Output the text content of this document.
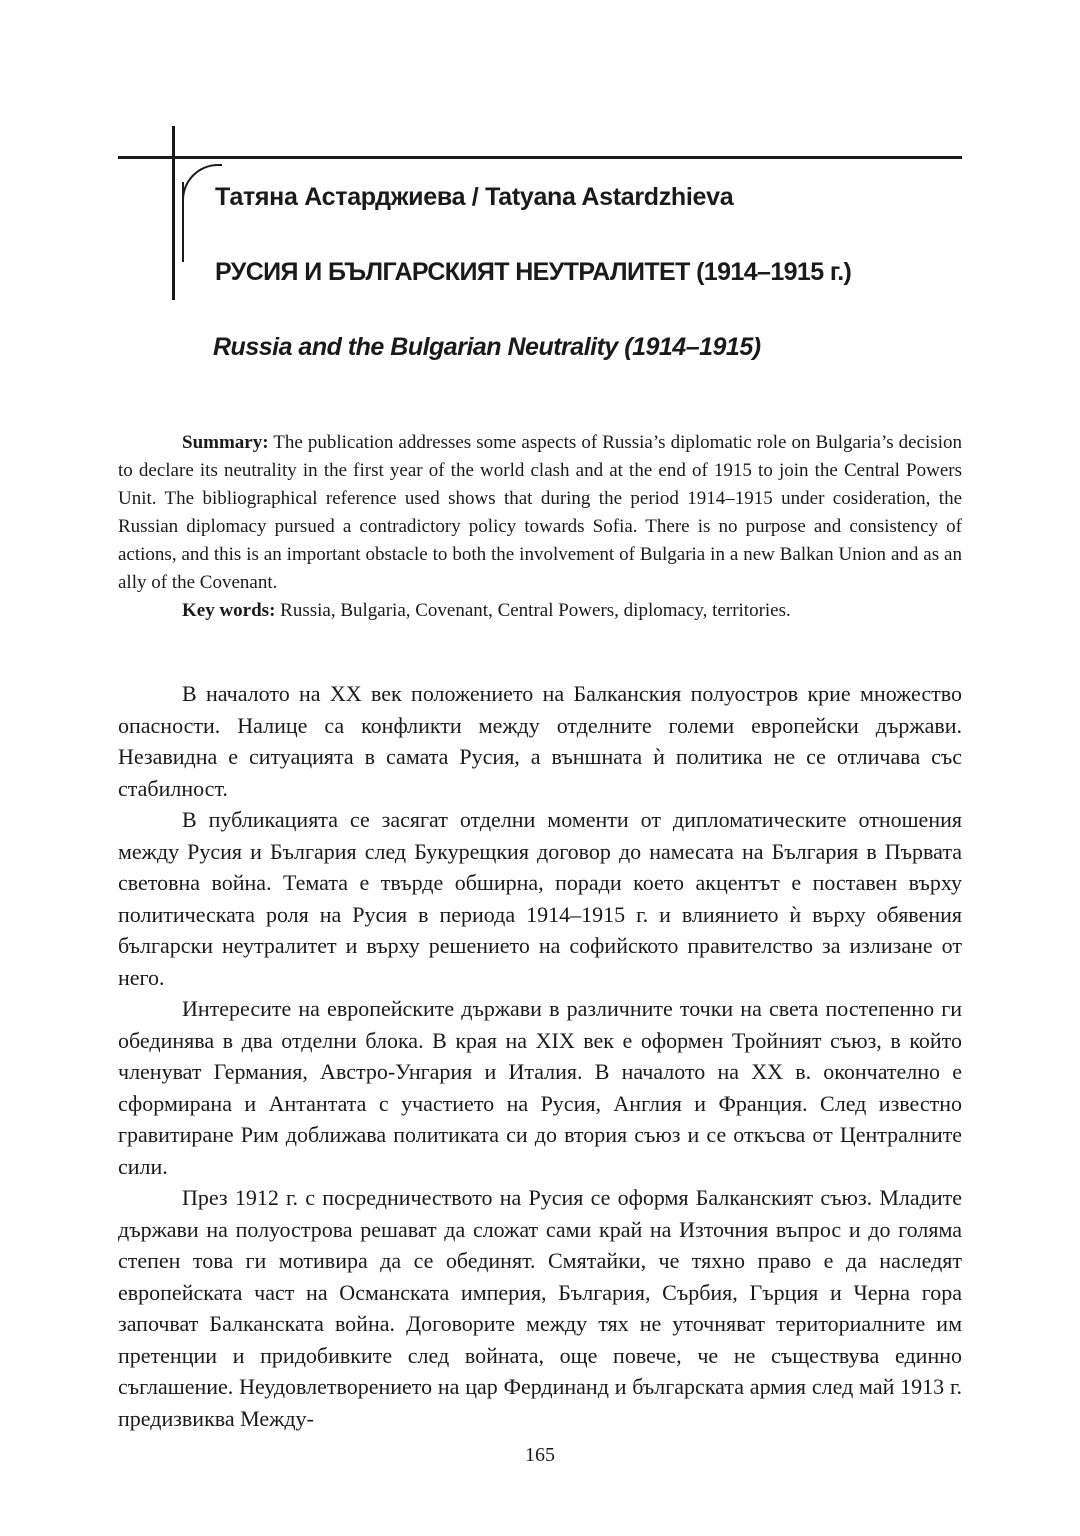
Татяна Астарджиева / Tatyana Astardzhieva
РУСИЯ И БЪЛГАРСКИЯТ НЕУТРАЛИТЕТ (1914–1915 г.)
Russia and the Bulgarian Neutrality (1914–1915)

Summary: The publication addresses some aspects of Russia’s diplomatic role on Bulgaria’s decision to declare its neutrality in the first year of the world clash and at the end of 1915 to join the Central Powers Unit. The bibliographical reference used shows that during the period 1914–1915 under cosideration, the Russian diplomacy pursued a contradictory policy towards Sofia. There is no purpose and consistency of actions, and this is an important obstacle to both the involvement of Bulgaria in a new Balkan Union and as an ally of the Covenant.

Key words: Russia, Bulgaria, Covenant, Central Powers, diplomacy, territories.

В началото на ХХ век положението на Балканския полуостров крие множество опасности. Налице са конфликти между отделните големи европейски държави. Незавидна е ситуацията в самата Русия, а външната ѝ политика не се отличава със стабилност.

В публикацията се засягат отделни моменти от дипломатическите отношения между Русия и България след Букурещкия договор до намесата на България в Първата световна война. Темата е твърде обширна, поради което акцентът е поставен върху политическата роля на Русия в периода 1914–1915 г. и влиянието ѝ върху обявения български неутралитет и върху решението на софийското правителство за излизане от него.

Интересите на европейските държави в различните точки на света постепенно ги обединява в два отделни блока. В края на ХІХ век е оформен Тройният съюз, в който членуват Германия, Австро-Унгария и Италия. В началото на ХХ в. окончателно е сформирана и Антантата с участието на Русия, Англия и Франция. След известно гравитиране Рим доближава политиката си до втория съюз и се откъсва от Централните сили.

През 1912 г. с посредничеството на Русия се оформя Балканският съюз. Младите държави на полуострова решават да сложат сами край на Източния въпрос и до голяма степен това ги мотивира да се обединят. Смятайки, че тяхно право е да наследят европейската част на Османската империя, България, Сърбия, Гърция и Черна гора започват Балканската война. Договорите между тях не уточняват териториалните им претенции и придобивките след войната, още повече, че не съществува единно съглашение. Неудовлетворението на цар Фердинанд и българската армия след май 1913 г. предизвиква Между-

165
